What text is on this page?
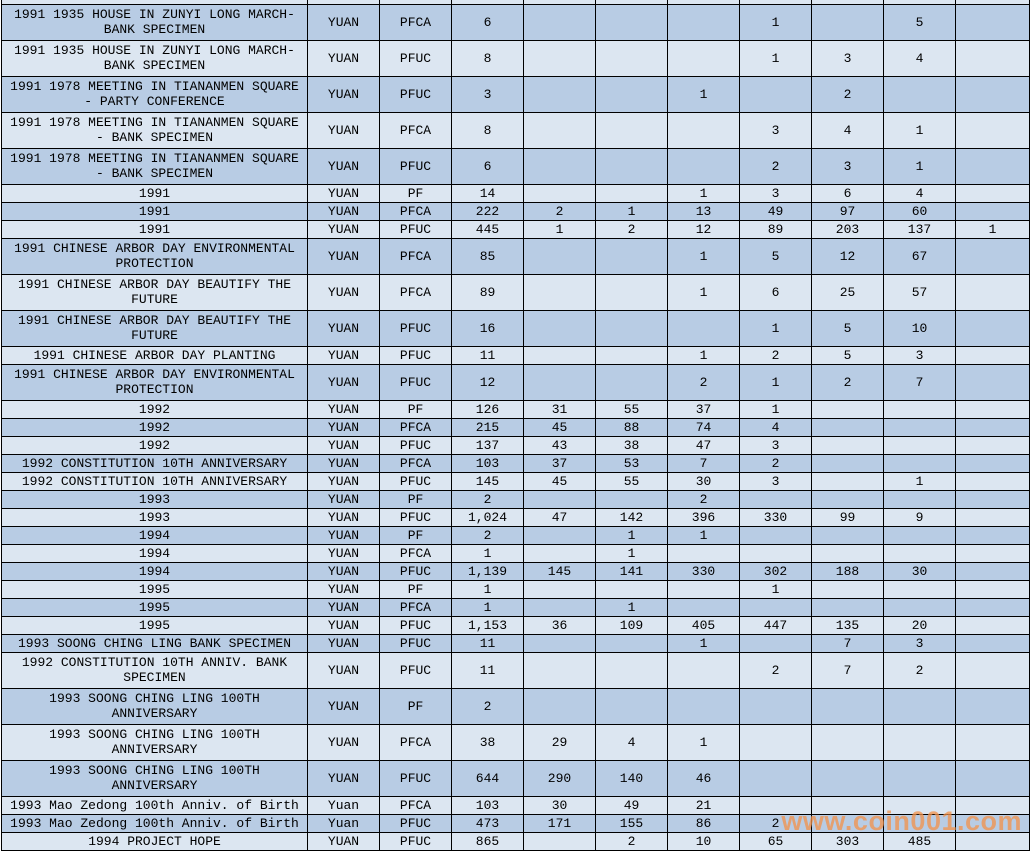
1991 1935 HOUSE IN ZUNYI LONG MARCH- BANK SPECIMEN	YUAN	PFCA	6				1		5	
1991 1935 HOUSE IN ZUNYI LONG MARCH- BANK SPECIMEN	YUAN	PFUC	8				1	3	4	
1991 1978 MEETING IN TIANANMEN SQUARE - PARTY CONFERENCE	YUAN	PFUC	3			1		2		
1991 1978 MEETING IN TIANANMEN SQUARE - BANK SPECIMEN	YUAN	PFCA	8				3	4	1	
1991 1978 MEETING IN TIANANMEN SQUARE - BANK SPECIMEN	YUAN	PFUC	6				2	3	1	
1991	YUAN	PF	14			1	3	6	4	
1991	YUAN	PFCA	222	2	1	13	49	97	60	
1991	YUAN	PFUC	445	1	2	12	89	203	137	1
1991 CHINESE ARBOR DAY ENVIRONMENTAL PROTECTION	YUAN	PFCA	85			1	5	12	67	
1991 CHINESE ARBOR DAY BEAUTIFY THE FUTURE	YUAN	PFCA	89			1	6	25	57	
1991 CHINESE ARBOR DAY BEAUTIFY THE FUTURE	YUAN	PFUC	16				1	5	10	
1991 CHINESE ARBOR DAY PLANTING	YUAN	PFUC	11			1	2	5	3	
1991 CHINESE ARBOR DAY ENVIRONMENTAL PROTECTION	YUAN	PFUC	12			2	1	2	7	
1992	YUAN	PF	126	31	55	37	1			
1992	YUAN	PFCA	215	45	88	74	4			
1992	YUAN	PFUC	137	43	38	47	3			
1992 CONSTITUTION 10TH ANNIVERSARY	YUAN	PFCA	103	37	53	7	2			
1992 CONSTITUTION 10TH ANNIVERSARY	YUAN	PFUC	145	45	55	30	3		1	
1993	YUAN	PF	2			2				
1993	YUAN	PFUC	1,024	47	142	396	330	99	9	
1994	YUAN	PF	2		1	1				
1994	YUAN	PFCA	1		1					
1994	YUAN	PFUC	1,139	145	141	330	302	188	30	
1995	YUAN	PF	1				1			
1995	YUAN	PFCA	1		1					
1995	YUAN	PFUC	1,153	36	109	405	447	135	20	
1993 SOONG CHING LING BANK SPECIMEN	YUAN	PFUC	11			1		7	3	
1992 CONSTITUTION 10TH ANNIV. BANK SPECIMEN	YUAN	PFUC	11				2	7	2	
1993 SOONG CHING LING 100TH ANNIVERSARY	YUAN	PF	2							
1993 SOONG CHING LING 100TH ANNIVERSARY	YUAN	PFCA	38	29	4	1				
1993 SOONG CHING LING 100TH ANNIVERSARY	YUAN	PFUC	644	290	140	46				
1993 Mao Zedong 100th Anniv. of Birth	Yuan	PFCA	103	30	49	21				
1993 Mao Zedong 100th Anniv. of Birth	Yuan	PFUC	473	171	155	86	2			
1994 PROJECT HOPE	YUAN	PFUC	865		2	10	65	303	485	
www.coin001.com
